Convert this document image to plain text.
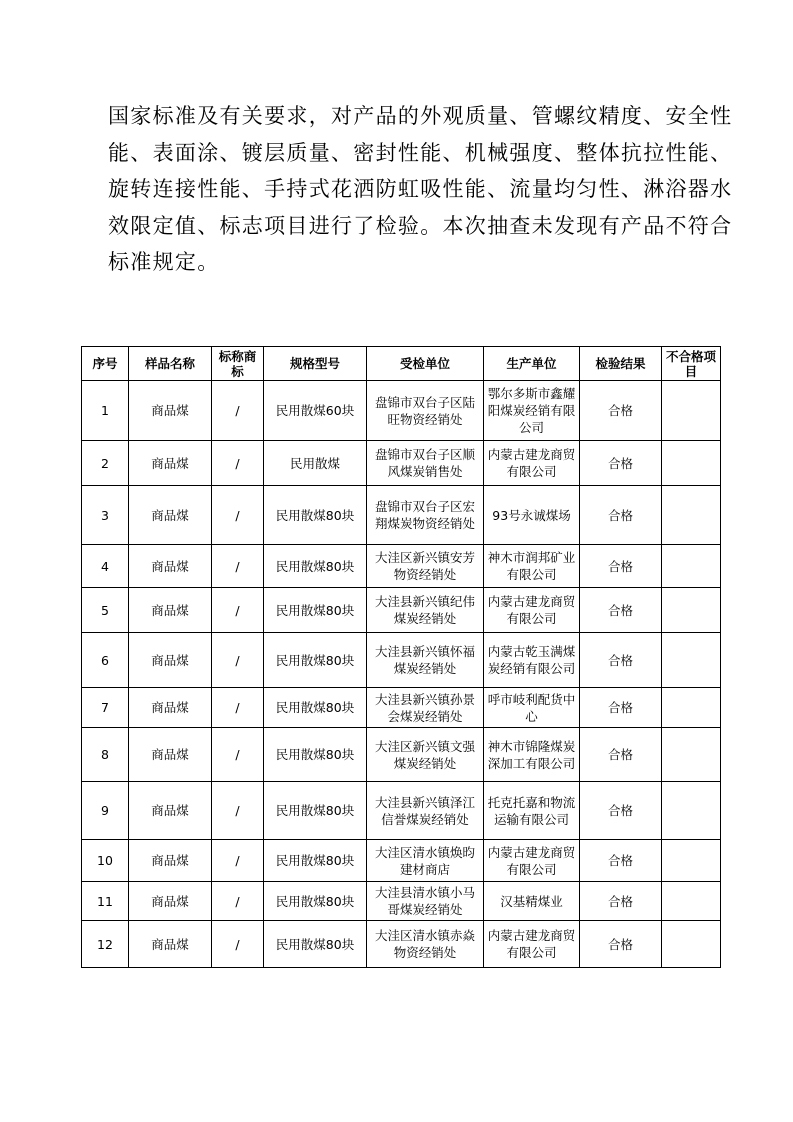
国家标准及有关要求，对产品的外观质量、管螺纹精度、安全性
能、表面涂、镀层质量、密封性能、机械强度、整体抗拉性能、
旋转连接性能、手持式花洒防虹吸性能、流量均匀性、淋浴器水
效限定值、标志项目进行了检验。本次抽查未发现有产品不符合
标准规定。
序号	样品名称	标称商标	规格型号	受检单位	生产单位	检验结果	不合格项目
1	商品煤	/	民用散煤60块	盘锦市双台子区陆旺物资经销处	鄂尔多斯市鑫耀阳煤炭经销有限公司	合格	
2	商品煤	/	民用散煤	盘锦市双台子区顺风煤炭销售处	内蒙古建龙商贸有限公司	合格	
3	商品煤	/	民用散煤80块	盘锦市双台子区宏翔煤炭物资经销处	93号永诚煤场	合格	
4	商品煤	/	民用散煤80块	大洼区新兴镇安芳物资经销处	神木市润邦矿业有限公司	合格	
5	商品煤	/	民用散煤80块	大洼县新兴镇纪伟煤炭经销处	内蒙古建龙商贸有限公司	合格	
6	商品煤	/	民用散煤80块	大洼县新兴镇怀福煤炭经销处	内蒙古乾玉满煤炭经销有限公司	合格	
7	商品煤	/	民用散煤80块	大洼县新兴镇孙景会煤炭经销处	呼市岐利配货中心	合格	
8	商品煤	/	民用散煤80块	大洼区新兴镇文强煤炭经销处	神木市锦隆煤炭深加工有限公司	合格	
9	商品煤	/	民用散煤80块	大洼县新兴镇泽江信誉煤炭经销处	托克托嘉和物流运输有限公司	合格	
10	商品煤	/	民用散煤80块	大洼区清水镇焕昀建材商店	内蒙古建龙商贸有限公司	合格	
11	商品煤	/	民用散煤80块	大洼县清水镇小马哥煤炭经销处	汉基精煤业	合格	
12	商品煤	/	民用散煤80块	大洼区清水镇赤焱物资经销处	内蒙古建龙商贸有限公司	合格	
